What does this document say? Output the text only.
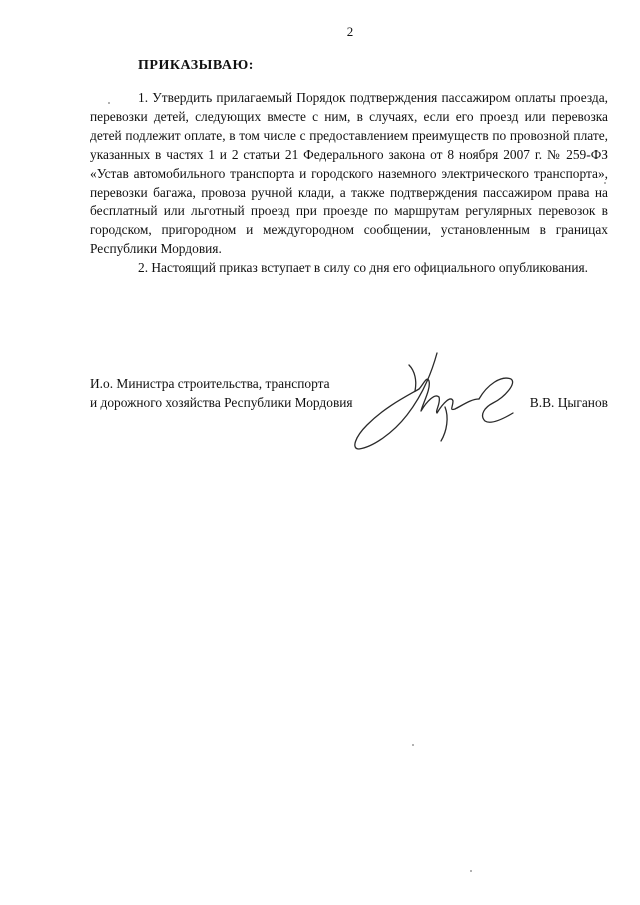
2
ПРИКАЗЫВАЮ:

1. Утвердить прилагаемый Порядок подтверждения пассажиром оплаты проезда, перевозки детей, следующих вместе с ним, в случаях, если его проезд или перевозка детей подлежит оплате, в том числе с предоставлением преимуществ по провозной плате, указанных в частях 1 и 2 статьи 21 Федерального закона от 8 ноября 2007 г. № 259-ФЗ «Устав автомобильного транспорта и городского наземного электрического транспорта», перевозки багажа, провоза ручной клади, а также подтверждения пассажиром права на бесплатный или льготный проезд при проезде по маршрутам регулярных перевозок в городском, пригородном и междугородном сообщении, установленным в границах Республики Мордовия.

2. Настоящий приказ вступает в силу со дня его официального опубликования.

И.о. Министра строительства, транспорта
и дорожного хозяйства Республики Мордовия	В.В. Цыганов
